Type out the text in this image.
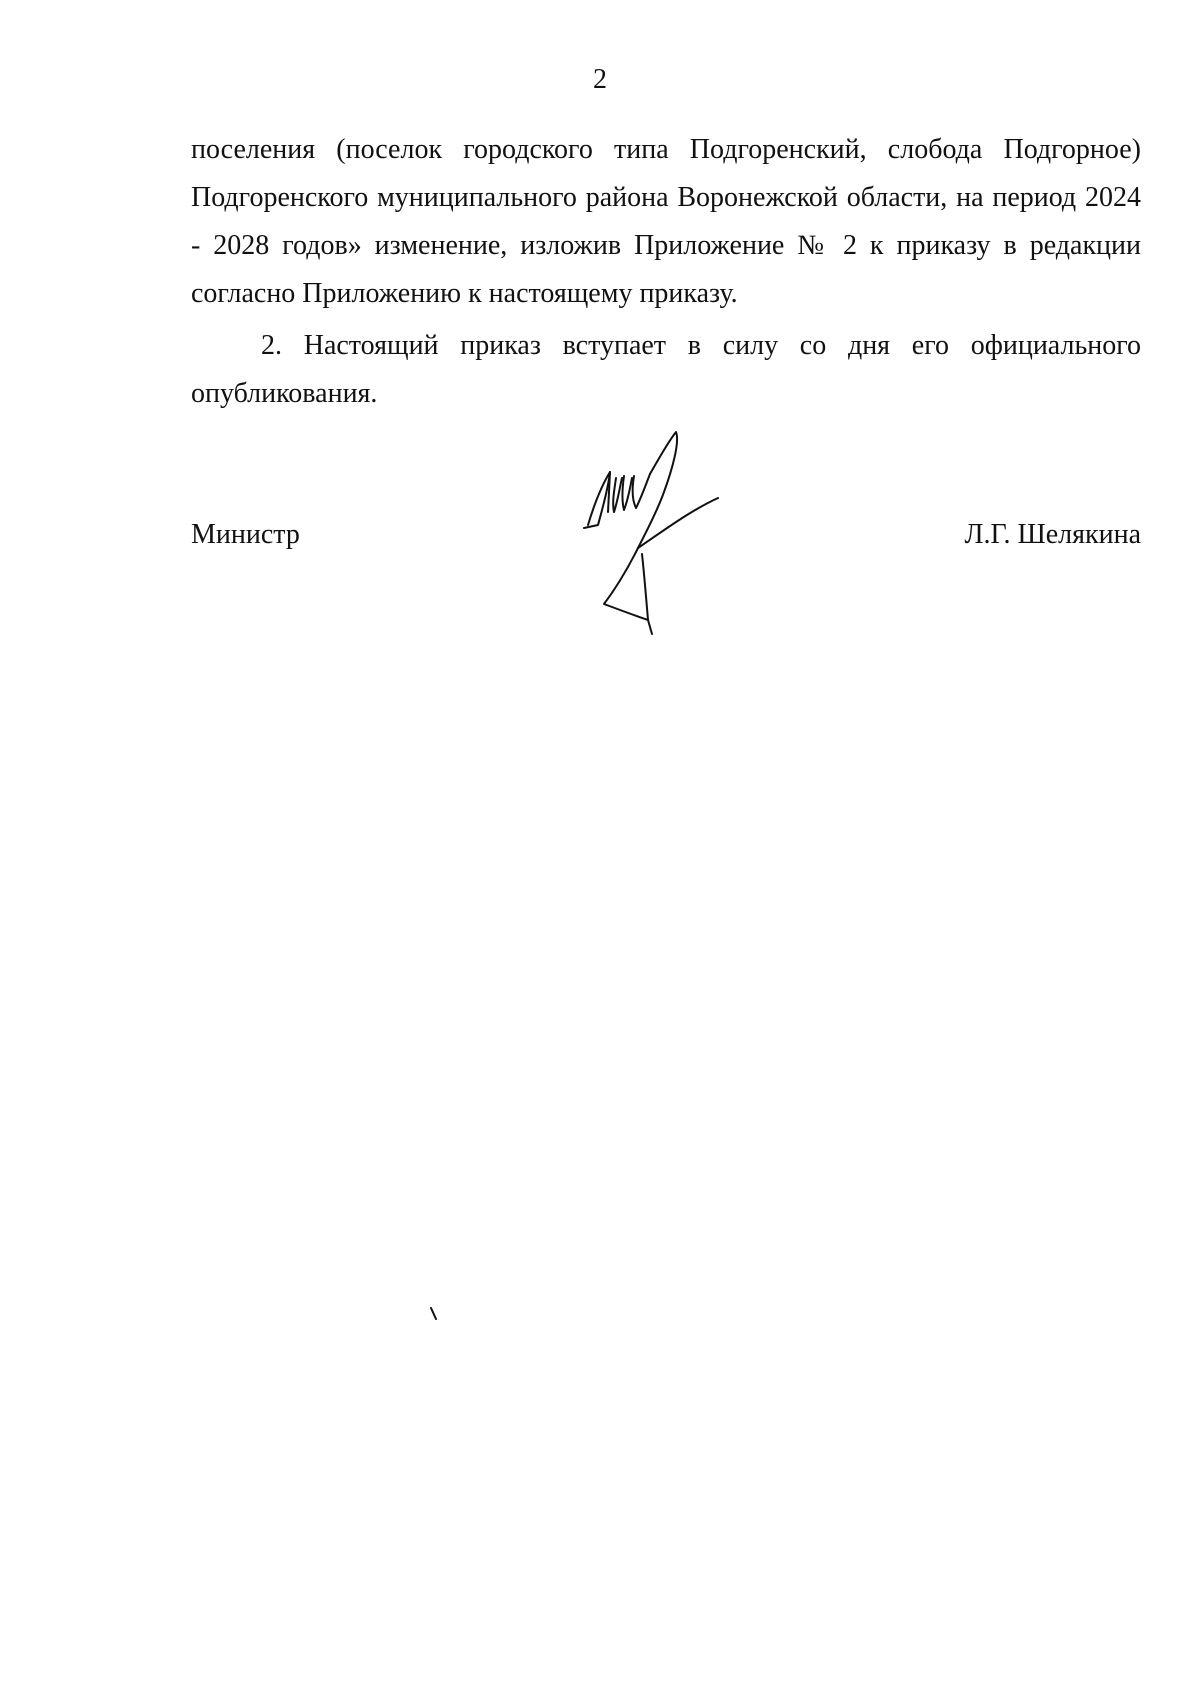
2
поселения (поселок городского типа Подгоренский, слобода Подгорное)
Подгоренского муниципального района Воронежской области, на период 2024
- 2028 годов» изменение, изложив Приложение № 2 к приказу в редакции
согласно Приложению к настоящему приказу.
2. Настоящий приказ вступает в силу со дня его официального
опубликования.
Министр	Л.Г. Шелякина
